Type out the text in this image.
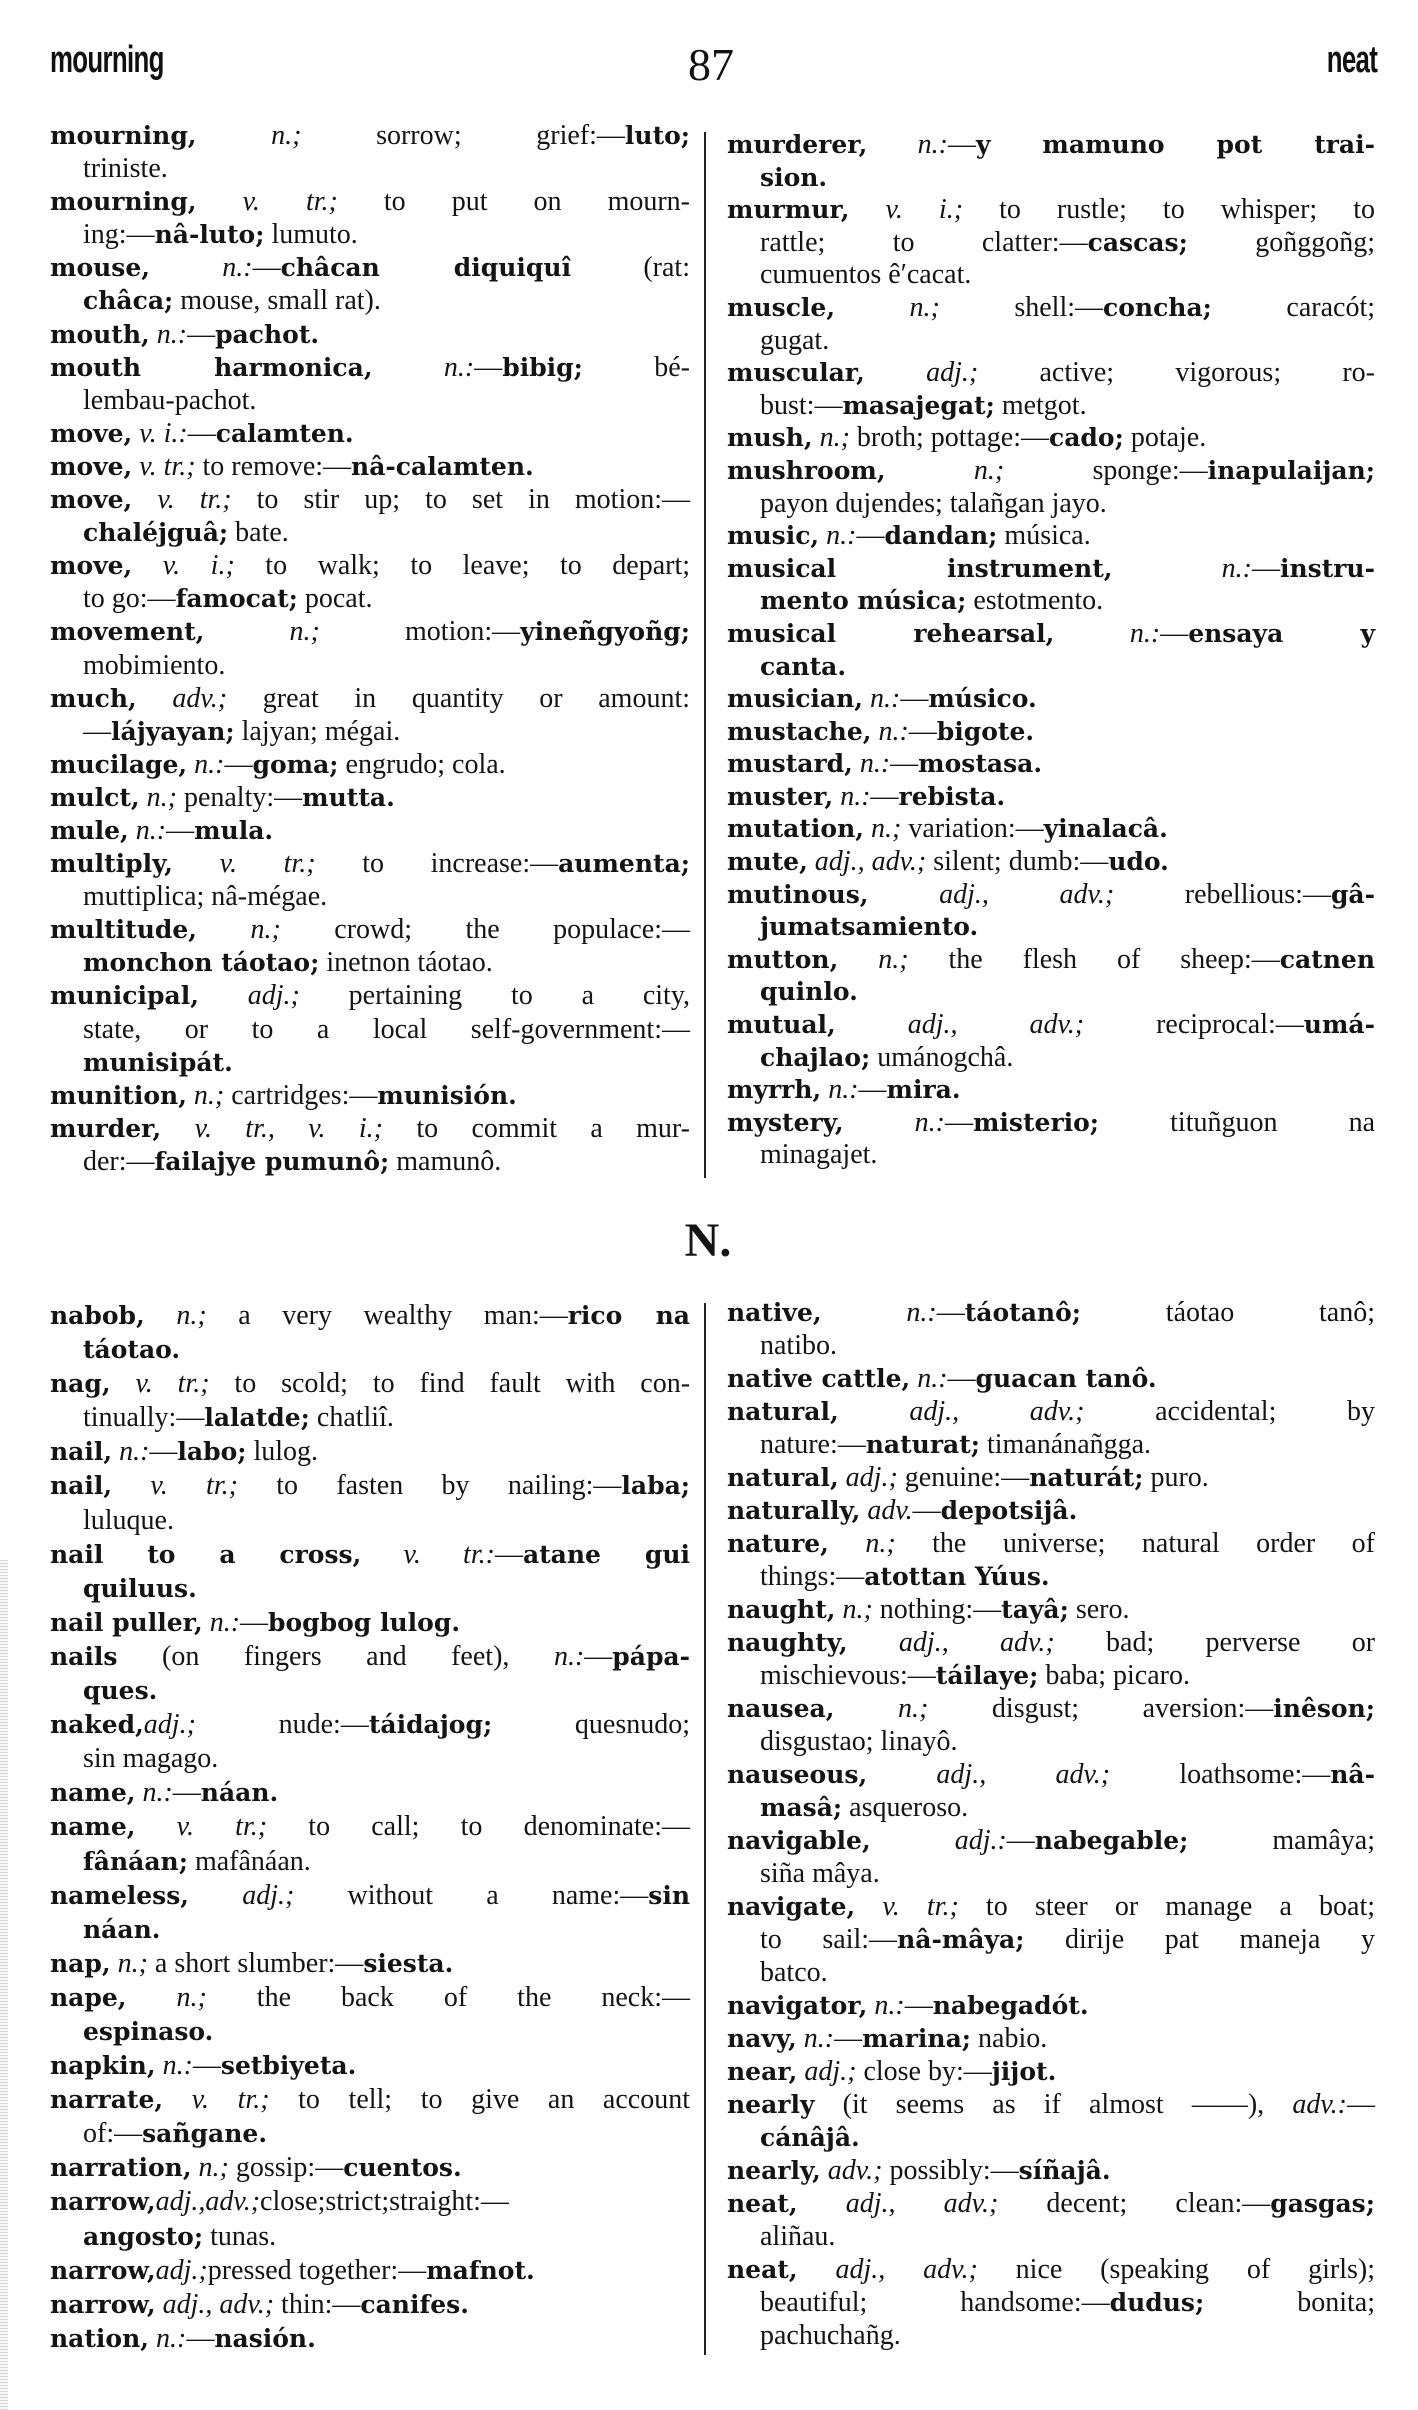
mourning	87	neat
mourning,	n.; sorrow; grief:—luto;
triniste.
mourning, v. tr.; to put on mourn-
ing:—nâ-luto; lumuto.
mouse,	n.:—châcan diquiquî (rat:
châca; mouse, small rat).
mouth, n.:—pachot.
mouth harmonica,	n.:—bibig; bé-
lembau-pachot.
move, v. i.:—calamten.
move, v. tr.; to remove:—nâ-calamten.
move, v. tr.; to stir up; to set in motion:—
chaléjguâ; bate.
move, v. i.; to walk; to leave; to depart;
to go:—famocat; pocat.
movement,	n.; motion:—yineñgyoñg;
mobimiento.
much, adv.; great in quantity or amount:
—lájyayan; lajyan; mégai.
mucilage, n.:—goma; engrudo; cola.
mulct, n.; penalty:—mutta.
mule, n.:—mula.
multiply, v. tr.; to increase:—aumenta;
muttiplica; nâ-mégae.
multitude, n.; crowd; the populace:—
monchon táotao; inetnon táotao.
municipal, adj.; pertaining to a city,
state, or to a local self-government:—
munisipát.
munition, n.; cartridges:—munisión.
murder, v. tr., v. i.; to commit a mur-
der:—failajye pumunô; mamunô.
murderer, n.:—y mamuno pot trai-
sion.
murmur, v. i.; to rustle; to whisper; to
rattle; to clatter:—cascas; goñggoñg;
cumuentos ê′cacat.
muscle,	n.; shell:—concha; caracót;
gugat.
muscular, adj.; active; vigorous; ro-
bust:—masajegat; metgot.
mush, n.; broth; pottage:—cado; potaje.
mushroom,	n.; sponge:—inapulaijan;
payon dujendes; talañgan jayo.
music, n.:—dandan; música.
musical instrument,	n.:—instru-
mento música; estotmento.
musical rehearsal,	n.:—ensaya y
canta.
musician, n.:—músico.
mustache, n.:—bigote.
mustard, n.:—mostasa.
muster, n.:—rebista.
mutation, n.; variation:—yinalacâ.
mute, adj., adv.; silent; dumb:—udo.
mutinous,	adj., adv.; rebellious:—gâ-
jumatsamiento.
mutton, n.; the flesh of sheep:—catnen
quinlo.
mutual,	adj., adv.; reciprocal:—umá-
chajlao; umánogchâ.
myrrh, n.:—mira.
mystery,	n.:—misterio; tituñguon na
minagajet.
N.
nabob, n.; a very wealthy man:—rico na
táotao.
nag, v. tr.; to scold; to find fault with con-
tinually:—lalatde; chatliî.
nail, n.:—labo; lulog.
nail, v. tr.; to fasten by nailing:—laba;
luluque.
nail to a cross, v. tr.:—atane gui
quiluus.
nail puller, n.:—bogbog lulog.
nails (on fingers and feet), n.:—pápa-
ques.
naked,adj.; nude:—táidajog; quesnudo;
sin magago.
name, n.:—náan.
name, v. tr.; to call; to denominate:—
fânáan; mafânáan.
nameless, adj.; without a name:—sin
náan.
nap, n.; a short slumber:—siesta.
nape, n.; the back of the neck:—
espinaso.
napkin, n.:—setbiyeta.
narrate, v. tr.; to tell; to give an account
of:—sañgane.
narration, n.; gossip:—cuentos.
narrow,adj.,adv.;close;strict;straight:—
angosto; tunas.
narrow,adj.;pressed together:—mafnot.
narrow, adj., adv.; thin:—canifes.
nation, n.:—nasión.
native,	n.:—táotanô; táotao tanô;
natibo.
native cattle, n.:—guacan tanô.
natural,	adj., adv.; accidental; by
nature:—naturat; timanánañgga.
natural, adj.; genuine:—naturát; puro.
naturally, adv.—depotsijâ.
nature, n.; the universe; natural order of
things:—atottan Yúus.
naught, n.; nothing:—tayâ; sero.
naughty, adj., adv.; bad; perverse or
mischievous:—táilaye; baba; picaro.
nausea, n.; disgust; aversion:—inêson;
disgustao; linayô.
nauseous, adj., adv.; loathsome:—nâ-
masâ; asqueroso.
navigable,	adj.:—nabegable; mamâya;
siña mâya.
navigate, v. tr.; to steer or manage a boat;
to sail:—nâ-mâya; dirije pat maneja y
batco.
navigator, n.:—nabegadót.
navy, n.:—marina; nabio.
near, adj.; close by:—jijot.
nearly (it seems as if almost ——), adv.:—
cánâjâ.
nearly, adv.; possibly:—síñajâ.
neat, adj., adv.; decent; clean:—gasgas;
aliñau.
neat, adj., adv.; nice (speaking of girls);
beautiful; handsome:—dudus; bonita;
pachuchañg.
